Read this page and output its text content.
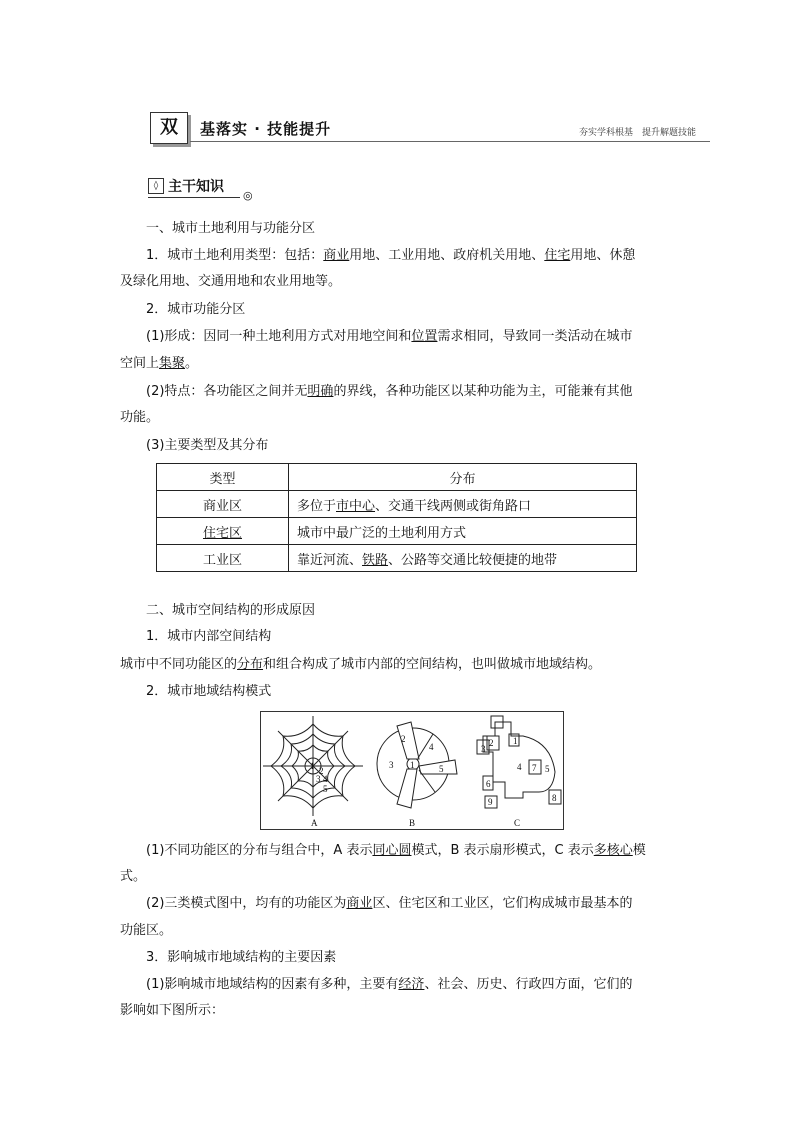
双	基落实 · 技能提升	夯实学科根基　提升解题技能
◊ 主干知识
◎
一、城市土地利用与功能分区
1．城市土地利用类型：包括：商业用地、工业用地、政府机关用地、住宅用地、休憩
及绿化用地、交通用地和农业用地等。
2．城市功能分区
(1)形成：因同一种土地利用方式对用地空间和位置需求相同，导致同一类活动在城市
空间上集聚。
(2)特点：各功能区之间并无明确的界线，各种功能区以某种功能为主，可能兼有其他
功能。
(3)主要类型及其分布
类型	分布
商业区	多位于市中心、交通干线两侧或街角路口
住宅区	城市中最广泛的土地利用方式
工业区	靠近河流、铁路、公路等交通比较便捷的地带
二、城市空间结构的形成原因
1．城市内部空间结构
城市中不同功能区的分布和组合构成了城市内部的空间结构，也叫做城市地域结构。
2．城市地域结构模式
1 2
3 4
5
A
1
2
3
4
5
B
1
2
3
4	5
6
7
8
9
C
(1)不同功能区的分布与组合中，A 表示同心圆模式，B 表示扇形模式，C 表示多核心模
式。
(2)三类模式图中，均有的功能区为商业区、住宅区和工业区，它们构成城市最基本的
功能区。
3．影响城市地域结构的主要因素
(1)影响城市地域结构的因素有多种，主要有经济、社会、历史、行政四方面，它们的
影响如下图所示：
